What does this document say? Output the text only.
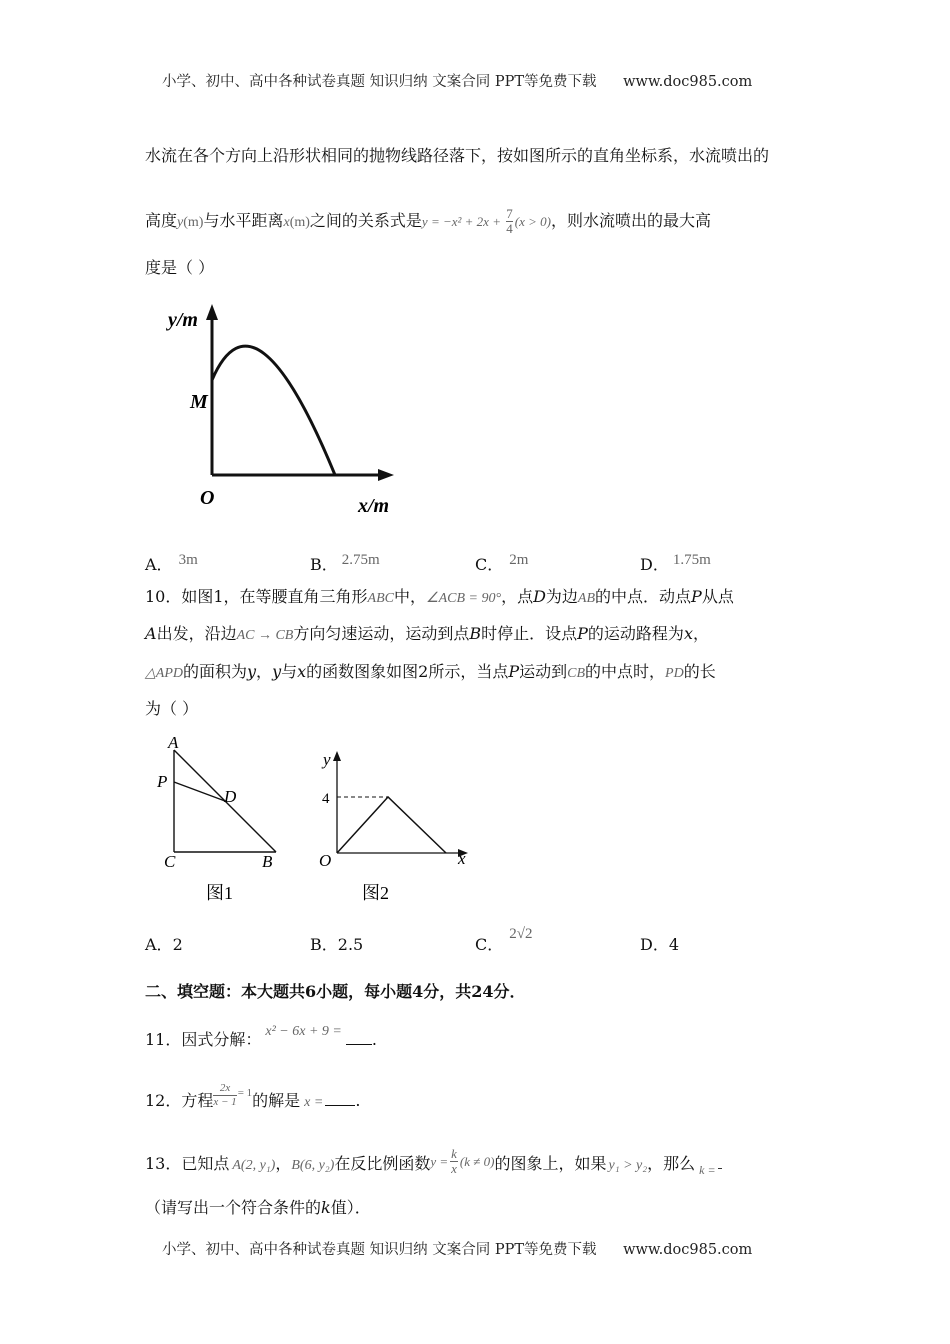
小学、初中、高中各种试卷真题 知识归纳 文案合同 PPT等免费下载 www.doc985.com
水流在各个方向上沿形状相同的抛物线路径落下，按如图所示的直角坐标系，水流喷出的
高度y(m)与水平距离x(m)之间的关系式是$y = -x^2 + 2x + \frac{7}{4} (x > 0)$，则水流喷出的最大高
度是（ ）
y/m
M
O	x/m
A． 3m	B． 2.75m	C． 2m	D． 1.75m
10．如图1，在等腰直角三角形ABC中，∠ACB = 90°，点D为边AB的中点．动点P从点
A出发，沿边AC → CB方向匀速运动，运动到点B时停止．设点P的运动路程为x，
△APD的面积为y，y与x的函数图象如图2所示，当点P运动到CB的中点时，PD的长
为（ ）
A
P
D
C	B
图1
y
4
O	x
图2
A．2	B．2.5	C．2√2
D．4
二、填空题：本大题共6小题，每小题4分，共24分．
11．因式分解： x² − 6x + 9 = .
12．方程 $\frac{2x}{x - 1} ^{= 1}$的解是 x = .
13．已知点 A(2, y₁)，B(6, y₂)在反比例函数$y = \frac{k}{x} (k \ne 0)$的图象上，如果 y₁ > y₂，那么 $_{k =}$
（请写出一个符合条件的k值）．
小学、初中、高中各种试卷真题 知识归纳 文案合同 PPT等免费下载 www.doc985.com
